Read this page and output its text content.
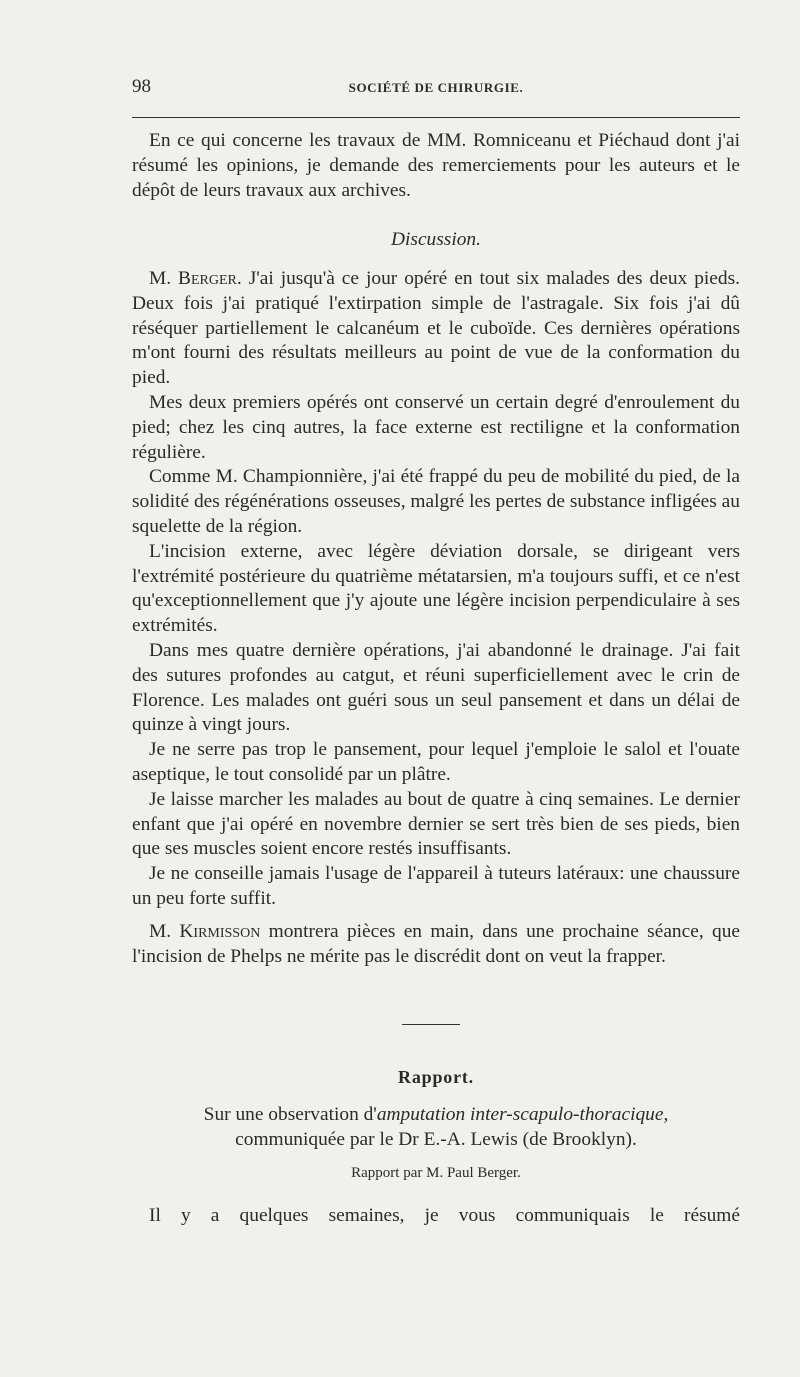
98	SOCIÉTÉ DE CHIRURGIE.

En ce qui concerne les travaux de MM. Romniceanu et Piéchaud dont j'ai résumé les opinions, je demande des remerciements pour les auteurs et le dépôt de leurs travaux aux archives.

Discussion.

M. Berger. J'ai jusqu'à ce jour opéré en tout six malades des deux pieds. Deux fois j'ai pratiqué l'extirpation simple de l'astragale. Six fois j'ai dû réséquer partiellement le calcanéum et le cuboïde. Ces dernières opérations m'ont fourni des résultats meilleurs au point de vue de la conformation du pied.

Mes deux premiers opérés ont conservé un certain degré d'enroulement du pied; chez les cinq autres, la face externe est rectiligne et la conformation régulière.

Comme M. Championnière, j'ai été frappé du peu de mobilité du pied, de la solidité des régénérations osseuses, malgré les pertes de substance infligées au squelette de la région.

L'incision externe, avec légère déviation dorsale, se dirigeant vers l'extrémité postérieure du quatrième métatarsien, m'a toujours suffi, et ce n'est qu'exceptionnellement que j'y ajoute une légère incision perpendiculaire à ses extrémités.

Dans mes quatre dernière opérations, j'ai abandonné le drainage. J'ai fait des sutures profondes au catgut, et réuni superficiellement avec le crin de Florence. Les malades ont guéri sous un seul pansement et dans un délai de quinze à vingt jours.

Je ne serre pas trop le pansement, pour lequel j'emploie le salol et l'ouate aseptique, le tout consolidé par un plâtre.

Je laisse marcher les malades au bout de quatre à cinq semaines. Le dernier enfant que j'ai opéré en novembre dernier se sert très bien de ses pieds, bien que ses muscles soient encore restés insuffisants.

Je ne conseille jamais l'usage de l'appareil à tuteurs latéraux: une chaussure un peu forte suffit.

M. Kirmisson montrera pièces en main, dans une prochaine séance, que l'incision de Phelps ne mérite pas le discrédit dont on veut la frapper.

Rapport.
Sur une observation d'amputation inter-scapulo-thoracique,
communiquée par le Dr E.-A. Lewis (de Brooklyn).
Rapport par M. Paul Berger.
Il y a quelques semaines, je vous communiquais le résumé
